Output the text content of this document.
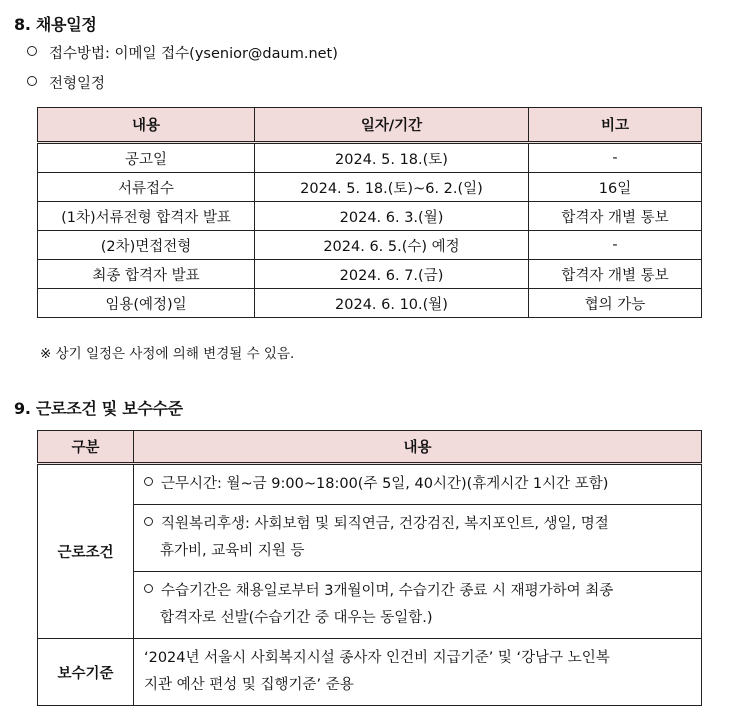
8. 채용일정
접수방법: 이메일 접수(ysenior@daum.net)
전형일정
내용	일자/기간	비고
공고일	2024. 5. 18.(토)	-
서류접수	2024. 5. 18.(토)~6. 2.(일)	16일
(1차)서류전형 합격자 발표	2024. 6. 3.(월)	합격자 개별 통보
(2차)면접전형	2024. 6. 5.(수) 예정	-
최종 합격자 발표	2024. 6. 7.(금)	합격자 개별 통보
임용(예정)일	2024. 6. 10.(월)	협의 가능
※ 상기 일정은 사정에 의해 변경될 수 있음.
9. 근로조건 및 보수수준
구분	내용
근로조건	근무시간: 월~금 9:00~18:00(주 5일, 40시간)(휴게시간 1시간 포함)

	직원복리후생: 사회보험 및 퇴직연금, 건강검진, 복지포인트, 생일, 명절
휴가비, 교육비 지원 등

	수습기간은 채용일로부터 3개월이며, 수습기간 종료 시 재평가하여 최종
합격자로 선발(수습기간 중 대우는 동일함.)

보수기준	‘2024년 서울시 사회복지시설 종사자 인건비 지급기준’ 및 ‘강남구 노인복
지관 예산 편성 및 집행기준’ 준용
